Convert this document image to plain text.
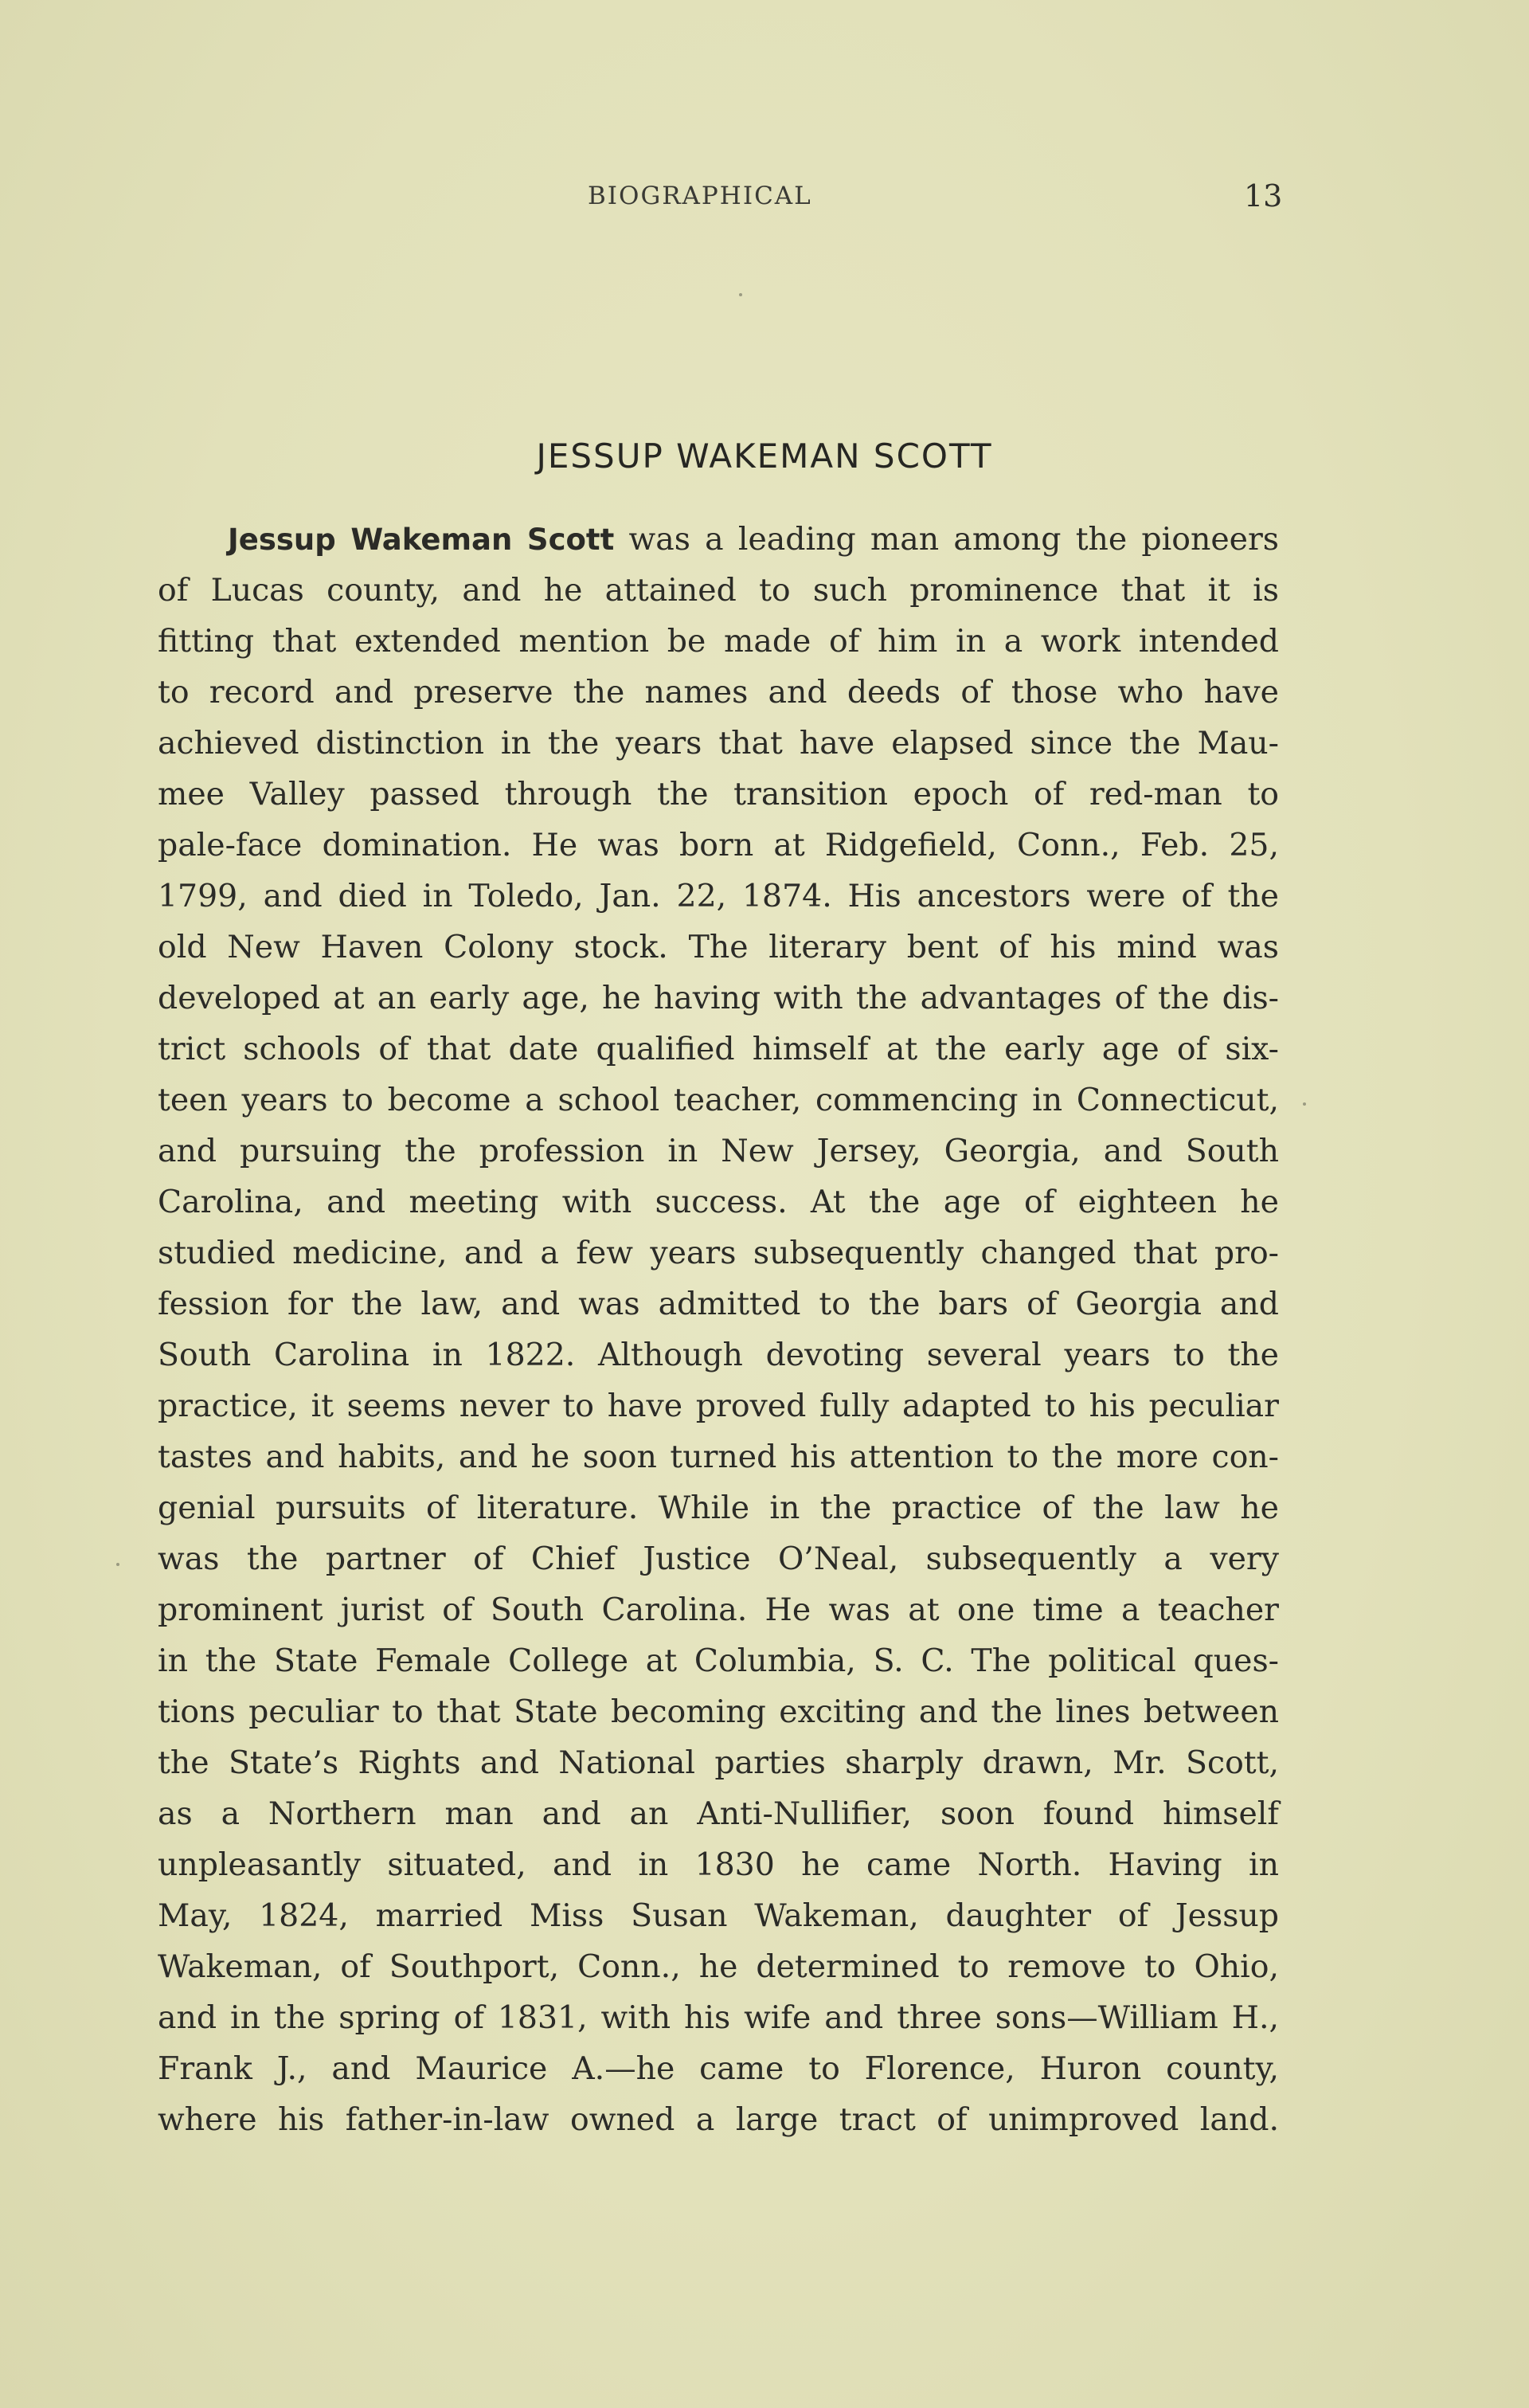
BIOGRAPHICAL	13
JESSUP WAKEMAN SCOTT
Jessup Wakeman Scott was a leading man among the pioneers
of Lucas county, and he attained to such prominence that it is
fitting that extended mention be made of him in a work intended
to record and preserve the names and deeds of those who have
achieved distinction in the years that have elapsed since the Mau-
mee Valley passed through the transition epoch of red-man to
pale-face domination. He was born at Ridgefield, Conn., Feb. 25,
1799, and died in Toledo, Jan. 22, 1874. His ancestors were of the
old New Haven Colony stock. The literary bent of his mind was
developed at an early age, he having with the advantages of the dis-
trict schools of that date qualified himself at the early age of six-
teen years to become a school teacher, commencing in Connecticut,
and pursuing the profession in New Jersey, Georgia, and South
Carolina, and meeting with success. At the age of eighteen he
studied medicine, and a few years subsequently changed that pro-
fession for the law, and was admitted to the bars of Georgia and
South Carolina in 1822. Although devoting several years to the
practice, it seems never to have proved fully adapted to his peculiar
tastes and habits, and he soon turned his attention to the more con-
genial pursuits of literature. While in the practice of the law he
was the partner of Chief Justice O’Neal, subsequently a very
prominent jurist of South Carolina. He was at one time a teacher
in the State Female College at Columbia, S. C. The political ques-
tions peculiar to that State becoming exciting and the lines between
the State’s Rights and National parties sharply drawn, Mr. Scott,
as a Northern man and an Anti-Nullifier, soon found himself
unpleasantly situated, and in 1830 he came North. Having in
May, 1824, married Miss Susan Wakeman, daughter of Jessup
Wakeman, of Southport, Conn., he determined to remove to Ohio,
and in the spring of 1831, with his wife and three sons—William H.,
Frank J., and Maurice A.—he came to Florence, Huron county,
where his father-in-law owned a large tract of unimproved land.
